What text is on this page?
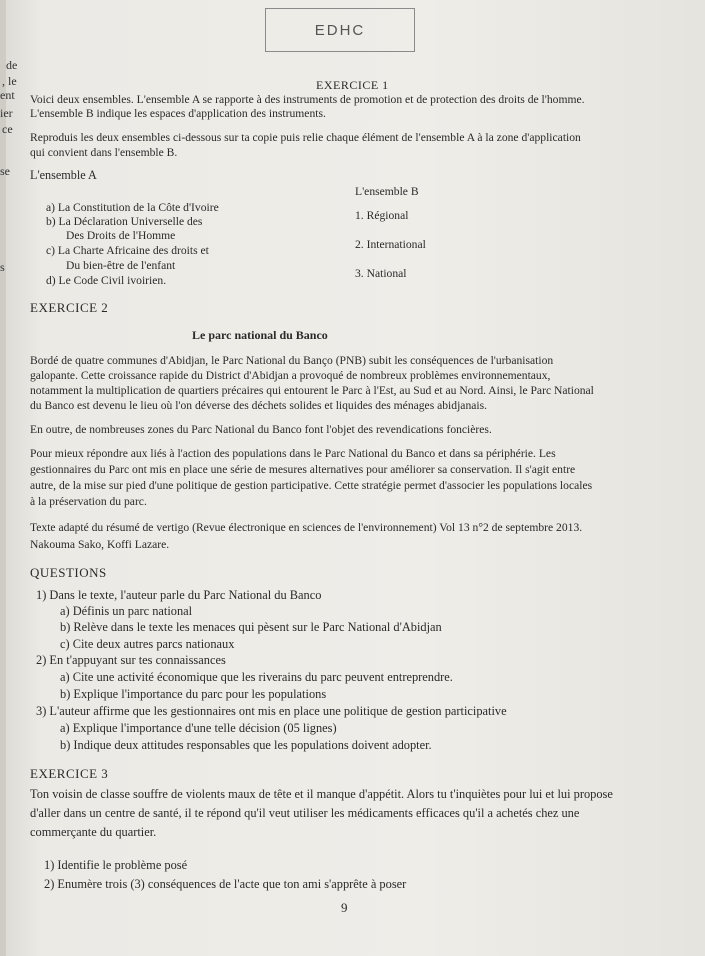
EDHC
de
, le
ent
ier
ce
se
s
EXERCICE 1
Voici deux ensembles. L'ensemble A se rapporte à des instruments de promotion et de protection des droits de l'homme.
L'ensemble B indique les espaces d'application des instruments.
Reproduis les deux ensembles ci-dessous sur ta copie puis relie chaque élément de l'ensemble A à la zone d'application
qui convient dans l'ensemble B.
L'ensemble A
L'ensemble B
a) La Constitution de la Côte d'Ivoire
b) La Déclaration Universelle des
Des Droits de l'Homme
c) La Charte Africaine des droits et
Du bien-être de l'enfant
d) Le Code Civil ivoirien.
1. Régional
2. International
3. National
EXERCICE 2
Le parc national du Banco
Bordé de quatre communes d'Abidjan, le Parc National du Banço (PNB) subit les conséquences de l'urbanisation
galopante. Cette croissance rapide du District d'Abidjan a provoqué de nombreux problèmes environnementaux,
notamment la multiplication de quartiers précaires qui entourent le Parc à l'Est, au Sud et au Nord. Ainsi, le Parc National
du Banco est devenu le lieu où l'on déverse des déchets solides et liquides des ménages abidjanais.
En outre, de nombreuses zones du Parc National du Banco font l'objet des revendications foncières.
Pour mieux répondre aux liés à l'action des populations dans le Parc National du Banco et dans sa périphérie. Les
gestionnaires du Parc ont mis en place une série de mesures alternatives pour améliorer sa conservation. Il s'agit entre
autre, de la mise sur pied d'une politique de gestion participative. Cette stratégie permet d'associer les populations locales
à la préservation du parc.
Texte adapté du résumé de vertigo (Revue électronique en sciences de l'environnement) Vol 13 n°2 de septembre 2013.
Nakouma Sako, Koffi Lazare.
QUESTIONS
1) Dans le texte, l'auteur parle du Parc National du Banco
a) Définis un parc national
b) Relève dans le texte les menaces qui pèsent sur le Parc National d'Abidjan
c) Cite deux autres parcs nationaux
2) En t'appuyant sur tes connaissances
a) Cite une activité économique que les riverains du parc peuvent entreprendre.
b) Explique l'importance du parc pour les populations
3) L'auteur affirme que les gestionnaires ont mis en place une politique de gestion participative
a) Explique l'importance d'une telle décision (05 lignes)
b) Indique deux attitudes responsables que les populations doivent adopter.
EXERCICE 3
Ton voisin de classe souffre de violents maux de tête et il manque d'appétit. Alors tu t'inquiètes pour lui et lui propose
d'aller dans un centre de santé, il te répond qu'il veut utiliser les médicaments efficaces qu'il a achetés chez une
commerçante du quartier.
1) Identifie le problème posé
2) Enumère trois (3) conséquences de l'acte que ton ami s'apprête à poser
9
